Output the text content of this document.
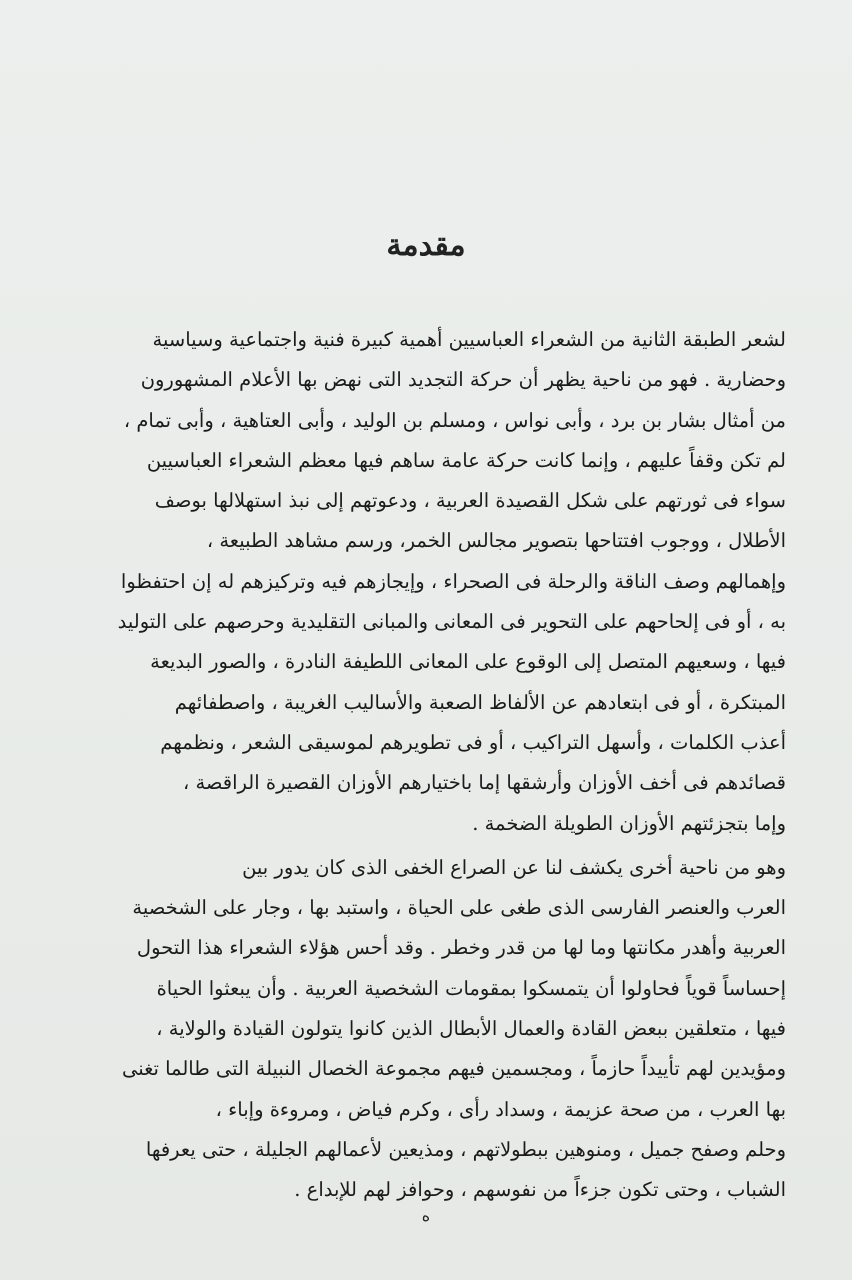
مقدمة
لشعر الطبقة الثانية من الشعراء العباسيين أهمية كبيرة فنية واجتماعية وسياسية
وحضارية . فهو من ناحية يظهر أن حركة التجديد التى نهض بها الأعلام المشهورون
من أمثال بشار بن برد ، وأبى نواس ، ومسلم بن الوليد ، وأبى العتاهية ، وأبى تمام ،
لم تكن وقفاً عليهم ، وإنما كانت حركة عامة ساهم فيها معظم الشعراء العباسيين
سواء فى ثورتهم على شكل القصيدة العربية ، ودعوتهم إلى نبذ استهلالها بوصف
الأطلال ، ووجوب افتتاحها بتصوير مجالس الخمر، ورسم مشاهد الطبيعة ،
وإهمالهم وصف الناقة والرحلة فى الصحراء ، وإيجازهم فيه وتركيزهم له إن احتفظوا
به ، أو فى إلحاحهم على التحوير فى المعانى والمبانى التقليدية وحرصهم على التوليد
فيها ، وسعيهم المتصل إلى الوقوع على المعانى اللطيفة النادرة ، والصور البديعة
المبتكرة ، أو فى ابتعادهم عن الألفاظ الصعبة والأساليب الغريبة ، واصطفائهم
أعذب الكلمات ، وأسهل التراكيب ، أو فى تطويرهم لموسيقى الشعر ، ونظمهم
قصائدهم فى أخف الأوزان وأرشقها إما باختيارهم الأوزان القصيرة الراقصة ،
وإما بتجزئتهم الأوزان الطويلة الضخمة .
وهو من ناحية أخرى يكشف لنا عن الصراع الخفى الذى كان يدور بين
العرب والعنصر الفارسى الذى طغى على الحياة ، واستبد بها ، وجار على الشخصية
العربية وأهدر مكانتها وما لها من قدر وخطر . وقد أحس هؤلاء الشعراء هذا التحول
إحساساً قوياً فحاولوا أن يتمسكوا بمقومات الشخصية العربية . وأن يبعثوا الحياة
فيها ، متعلقين ببعض القادة والعمال الأبطال الذين كانوا يتولون القيادة والولاية ،
ومؤيدين لهم تأييداً حازماً ، ومجسمين فيهم مجموعة الخصال النبيلة التى طالما تغنى
بها العرب ، من صحة عزيمة ، وسداد رأى ، وكرم فياض ، ومروءة وإباء ،
وحلم وصفح جميل ، ومنوهين ببطولاتهم ، ومذيعين لأعمالهم الجليلة ، حتى يعرفها
الشباب ، وحتى تكون جزءاً من نفوسهم ، وحوافز لهم للإبداع .
ه
